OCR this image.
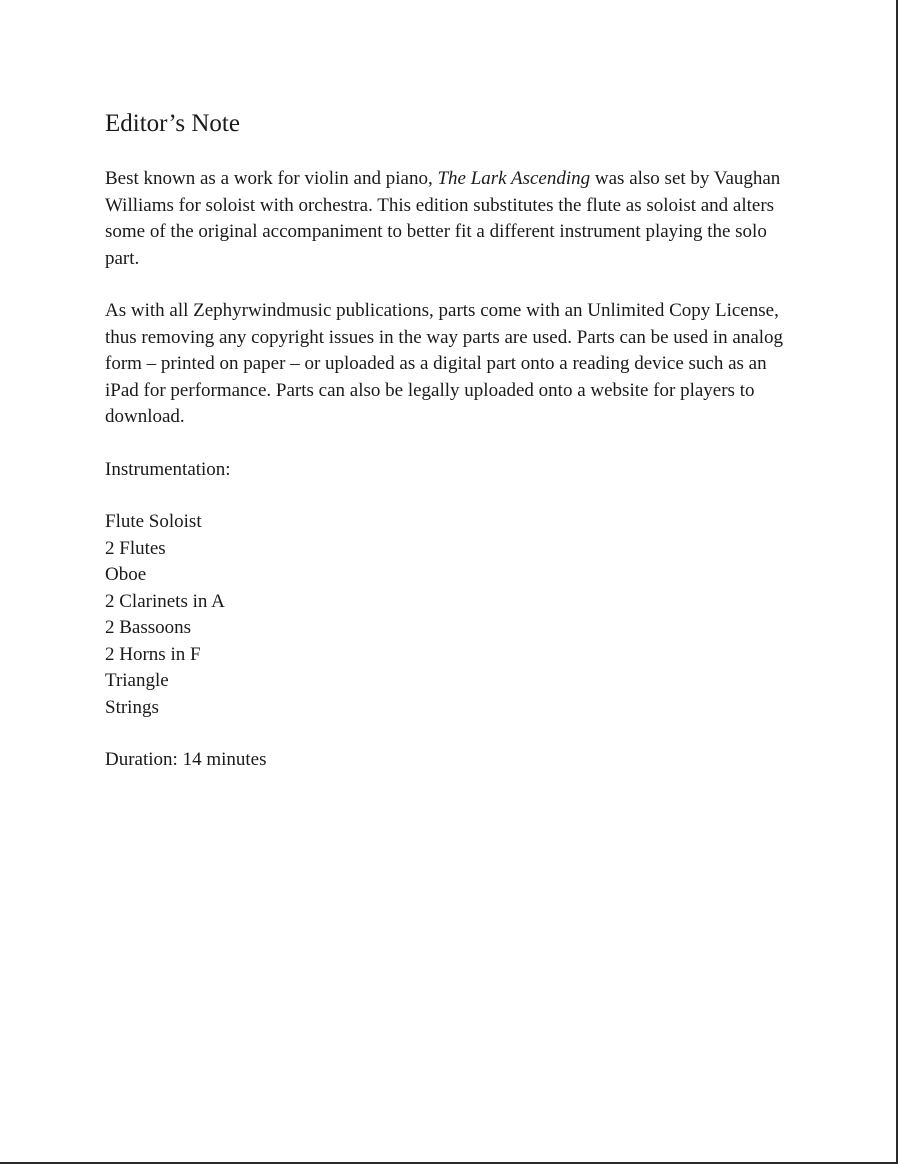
Editor’s Note

Best known as a work for violin and piano, The Lark Ascending was also set by Vaughan Williams for soloist with orchestra. This edition substitutes the flute as soloist and alters some of the original accompaniment to better fit a different instrument playing the solo part.

As with all Zephyrwindmusic publications, parts come with an Unlimited Copy License, thus removing any copyright issues in the way parts are used. Parts can be used in analog form – printed on paper – or uploaded as a digital part onto a reading device such as an iPad for performance. Parts can also be legally uploaded onto a website for players to download.

Instrumentation:

Flute Soloist
2 Flutes
Oboe
2 Clarinets in A
2 Bassoons
2 Horns in F
Triangle
Strings

Duration: 14 minutes
